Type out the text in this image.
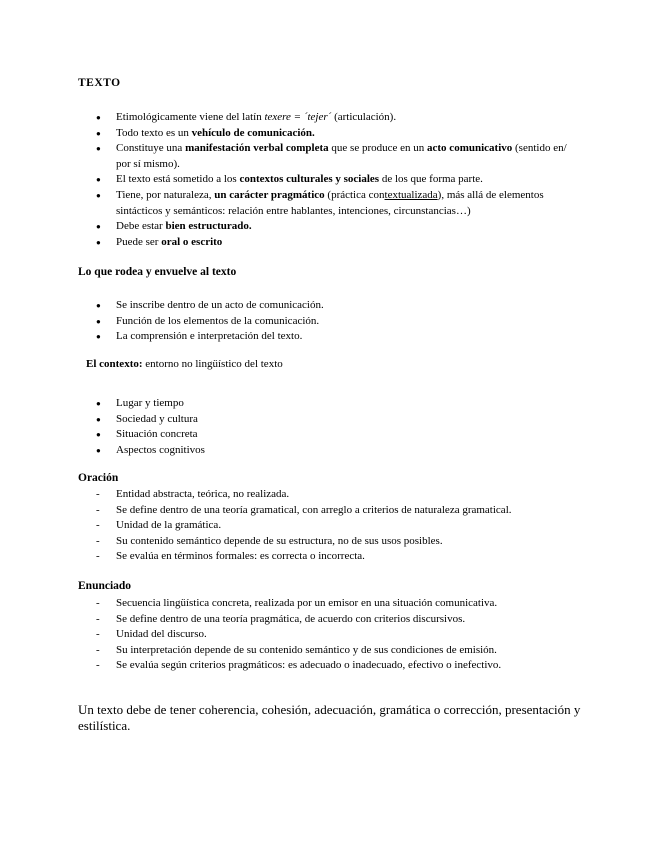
TEXTO
● Etimológicamente viene del latín texere = ´tejer´ (articulación).
● Todo texto es un vehículo de comunicación.
● Constituye una manifestación verbal completa que se produce en un acto comunicativo (sentido en/ por sí mismo).
● El texto está sometido a los contextos culturales y sociales de los que forma parte.
● Tiene, por naturaleza, un carácter pragmático (práctica contextualizada), más allá de elementos sintácticos y semánticos: relación entre hablantes, intenciones, circunstancias…)
● Debe estar bien estructurado.
● Puede ser oral o escrito
Lo que rodea y envuelve al texto
● Se inscribe dentro de un acto de comunicación.
● Función de los elementos de la comunicación.
● La comprensión e interpretación del texto.

El contexto: entorno no lingüístico del texto

● Lugar y tiempo
● Sociedad y cultura
● Situación concreta
● Aspectos cognitivos
Oración
- Entidad abstracta, teórica, no realizada.
- Se define dentro de una teoría gramatical, con arreglo a criterios de naturaleza gramatical.
- Unidad de la gramática.
- Su contenido semántico depende de su estructura, no de sus usos posibles.
- Se evalúa en términos formales: es correcta o incorrecta.
Enunciado
- Secuencia lingüística concreta, realizada por un emisor en una situación comunicativa.
- Se define dentro de una teoría pragmática, de acuerdo con criterios discursivos.
- Unidad del discurso.
- Su interpretación depende de su contenido semántico y de sus condiciones de emisión.
- Se evalúa según criterios pragmáticos: es adecuado o inadecuado, efectivo o inefectivo.

Un texto debe de tener coherencia, cohesión, adecuación, gramática o corrección, presentación y estilística.
